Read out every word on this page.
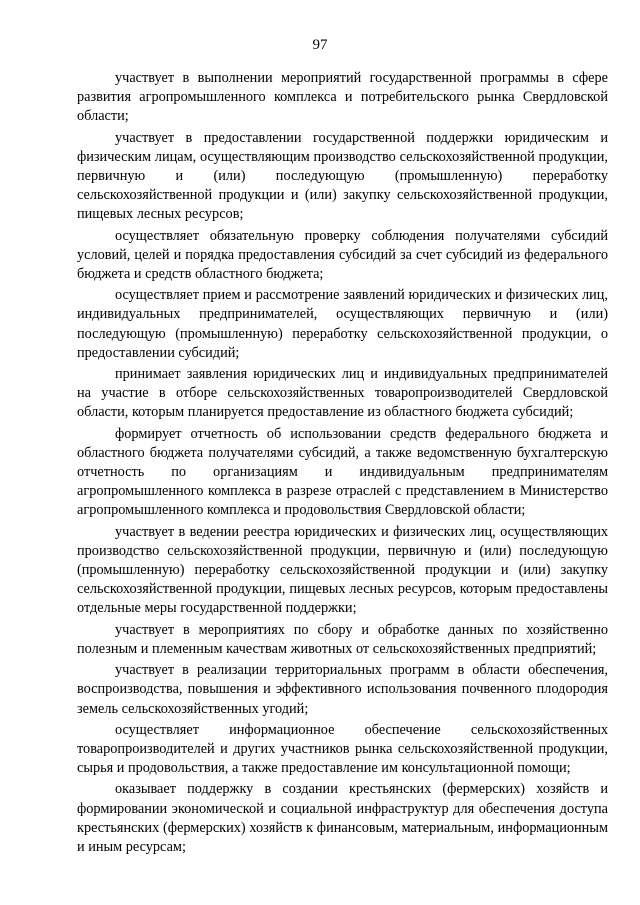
97

участвует в выполнении мероприятий государственной программы в сфере развития агропромышленного комплекса и потребительского рынка Свердловской области;

участвует в предоставлении государственной поддержки юридическим и физическим лицам, осуществляющим производство сельскохозяйственной продукции, первичную и (или) последующую (промышленную) переработку сельскохозяйственной продукции и (или) закупку сельскохозяйственной продукции, пищевых лесных ресурсов;

осуществляет обязательную проверку соблюдения получателями субсидий условий, целей и порядка предоставления субсидий за счет субсидий из федерального бюджета и средств областного бюджета;

осуществляет прием и рассмотрение заявлений юридических и физических лиц, индивидуальных предпринимателей, осуществляющих первичную и (или) последующую (промышленную) переработку сельскохозяйственной продукции, о предоставлении субсидий;

принимает заявления юридических лиц и индивидуальных предпринимателей на участие в отборе сельскохозяйственных товаропроизводителей Свердловской области, которым планируется предоставление из областного бюджета субсидий;

формирует отчетность об использовании средств федерального бюджета и областного бюджета получателями субсидий, а также ведомственную бухгалтерскую отчетность по организациям и индивидуальным предпринимателям агропромышленного комплекса в разрезе отраслей с представлением в Министерство агропромышленного комплекса и продовольствия Свердловской области;

участвует в ведении реестра юридических и физических лиц, осуществляющих производство сельскохозяйственной продукции, первичную и (или) последующую (промышленную) переработку сельскохозяйственной продукции и (или) закупку сельскохозяйственной продукции, пищевых лесных ресурсов, которым предоставлены отдельные меры государственной поддержки;

участвует в мероприятиях по сбору и обработке данных по хозяйственно полезным и племенным качествам животных от сельскохозяйственных предприятий;

участвует в реализации территориальных программ в области обеспечения, воспроизводства, повышения и эффективного использования почвенного плодородия земель сельскохозяйственных угодий;

осуществляет информационное обеспечение сельскохозяйственных товаропроизводителей и других участников рынка сельскохозяйственной продукции, сырья и продовольствия, а также предоставление им консультационной помощи;

оказывает поддержку в создании крестьянских (фермерских) хозяйств и формировании экономической и социальной инфраструктур для обеспечения доступа крестьянских (фермерских) хозяйств к финансовым, материальным, информационным и иным ресурсам;
